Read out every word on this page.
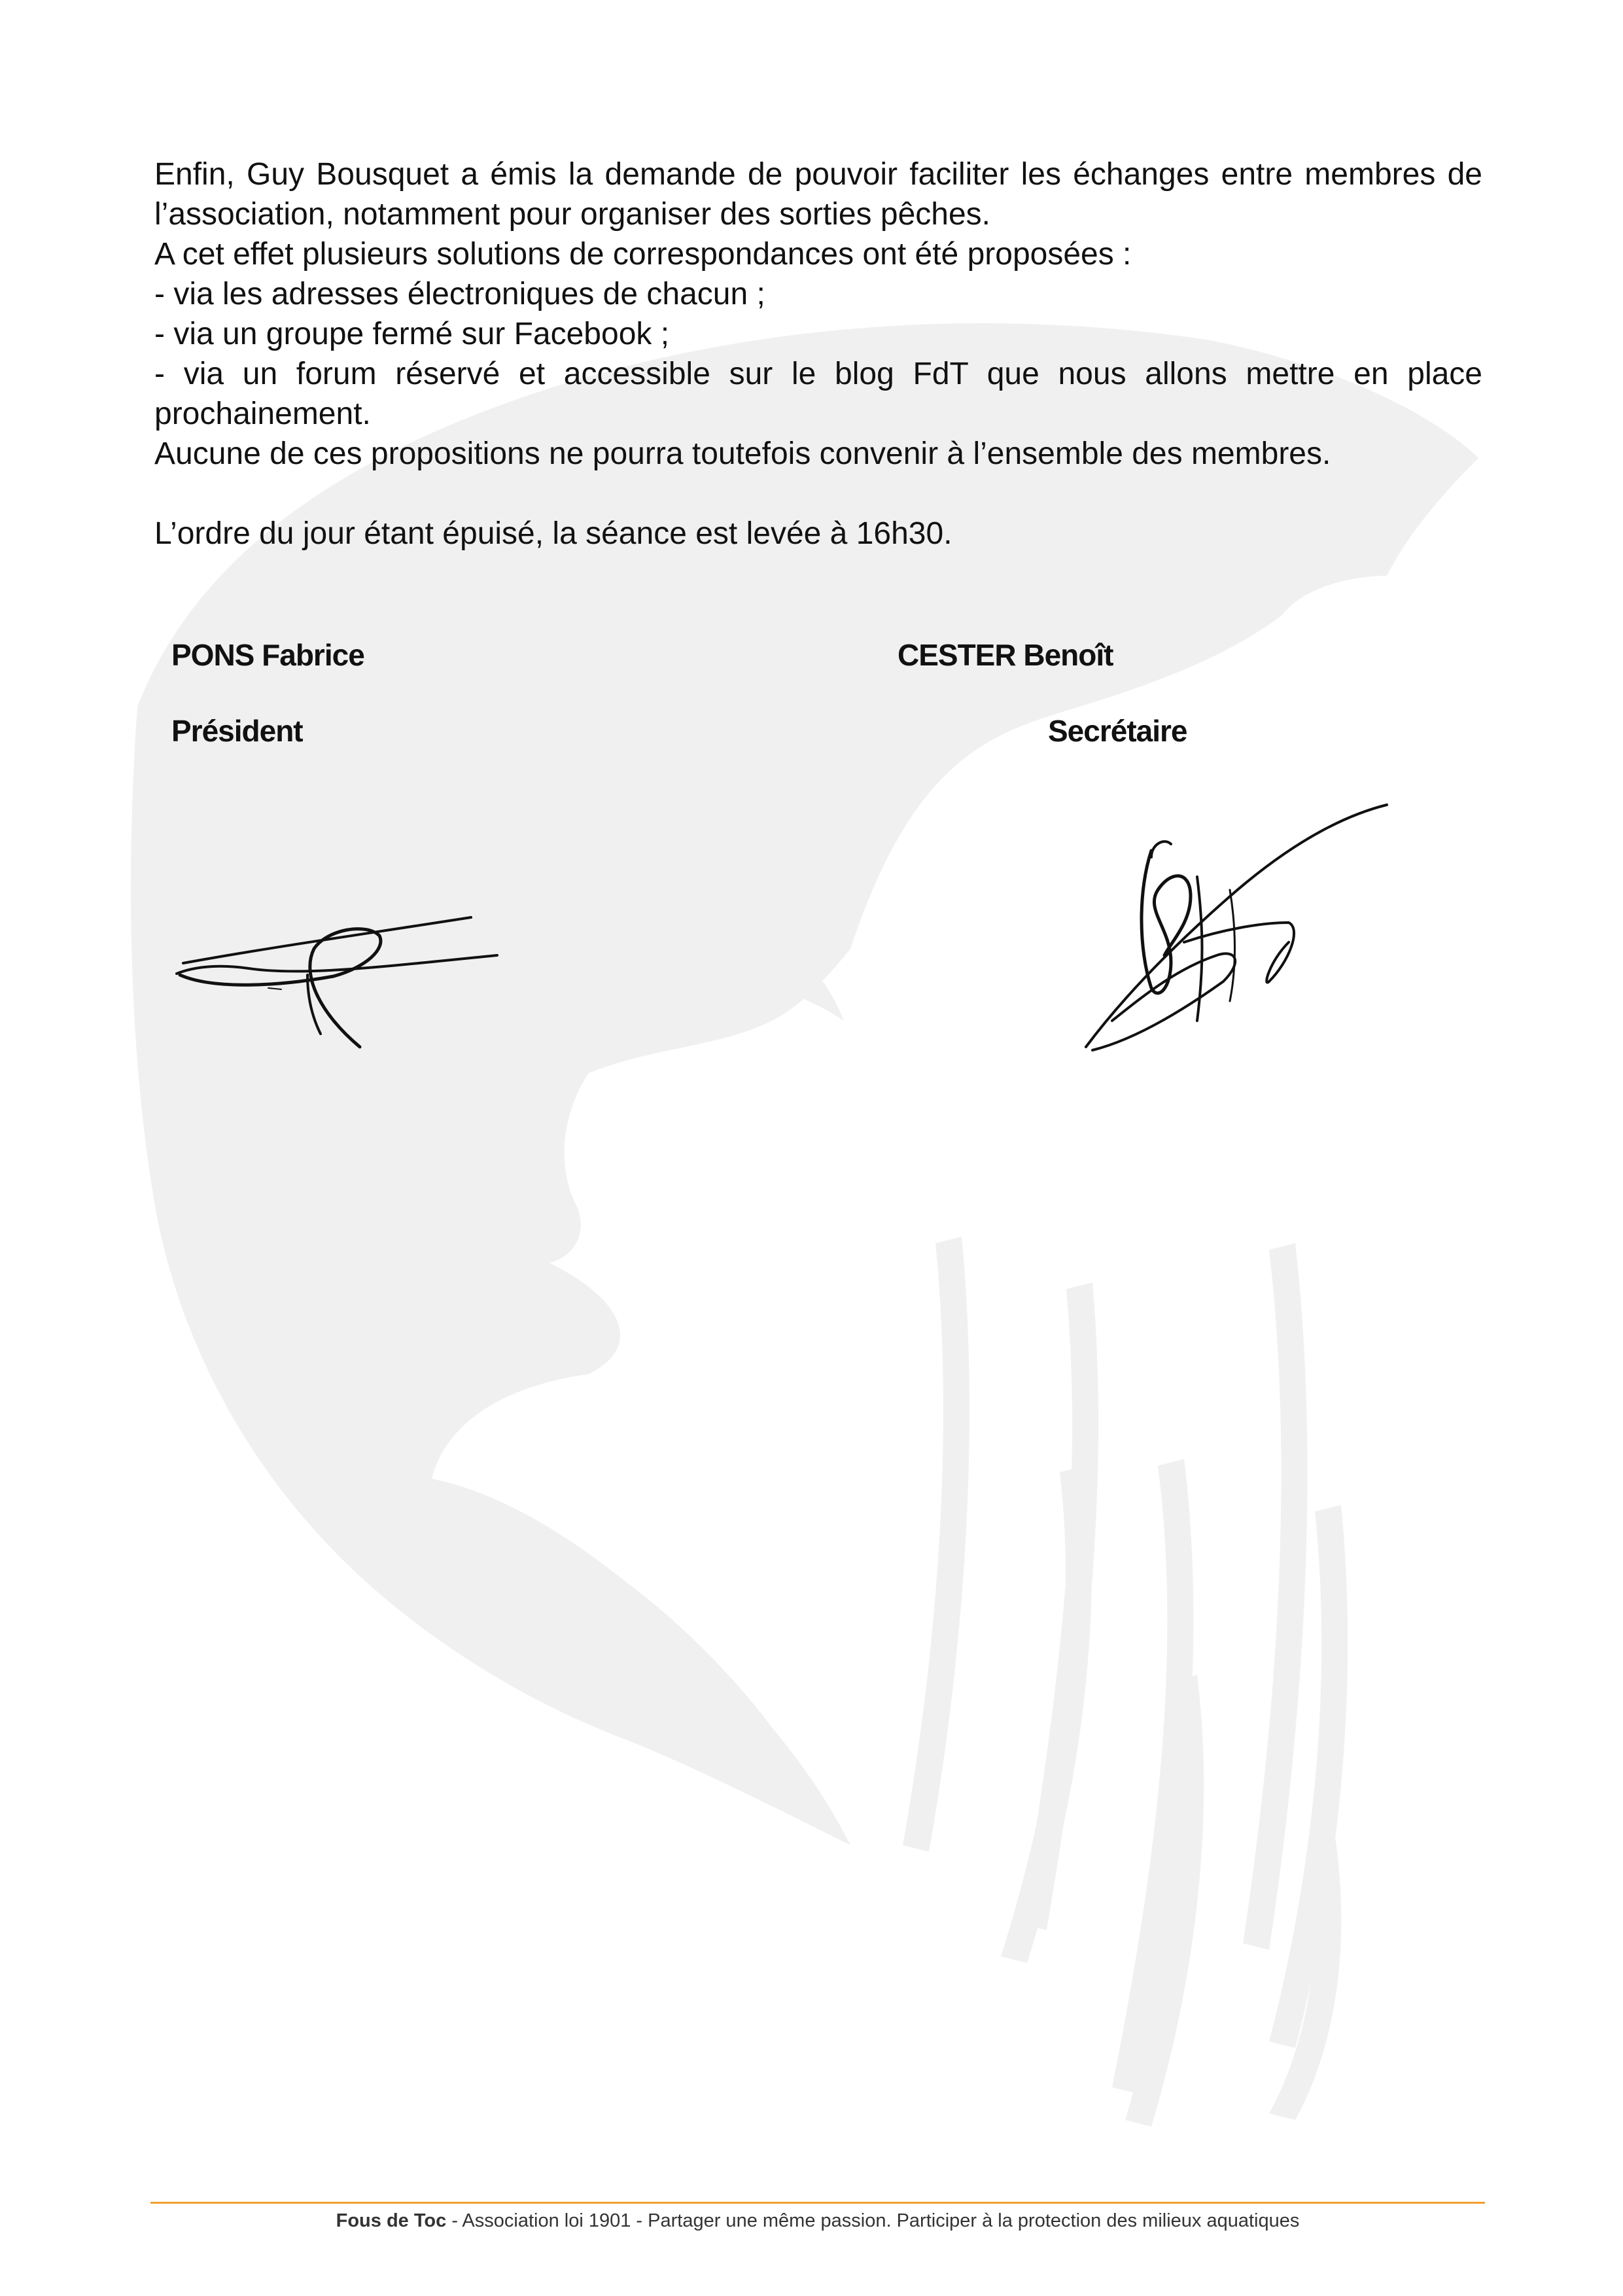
Enfin, Guy Bousquet a émis la demande de pouvoir faciliter les échanges entre membres de l’association, notamment pour organiser des sorties pêches.

A cet effet plusieurs solutions de correspondances ont été proposées :

- via les adresses électroniques de chacun ;

- via un groupe fermé sur Facebook ;

- via un forum réservé et accessible sur le blog FdT que nous allons mettre en place prochainement.

Aucune de ces propositions ne pourra toutefois convenir à l’ensemble des membres.

L’ordre du jour étant épuisé, la séance est levée à 16h30.

PONS Fabrice
Président
CESTER Benoît
Secrétaire
Fous de Toc - Association loi 1901 - Partager une même passion. Participer à la protection des milieux aquatiques
